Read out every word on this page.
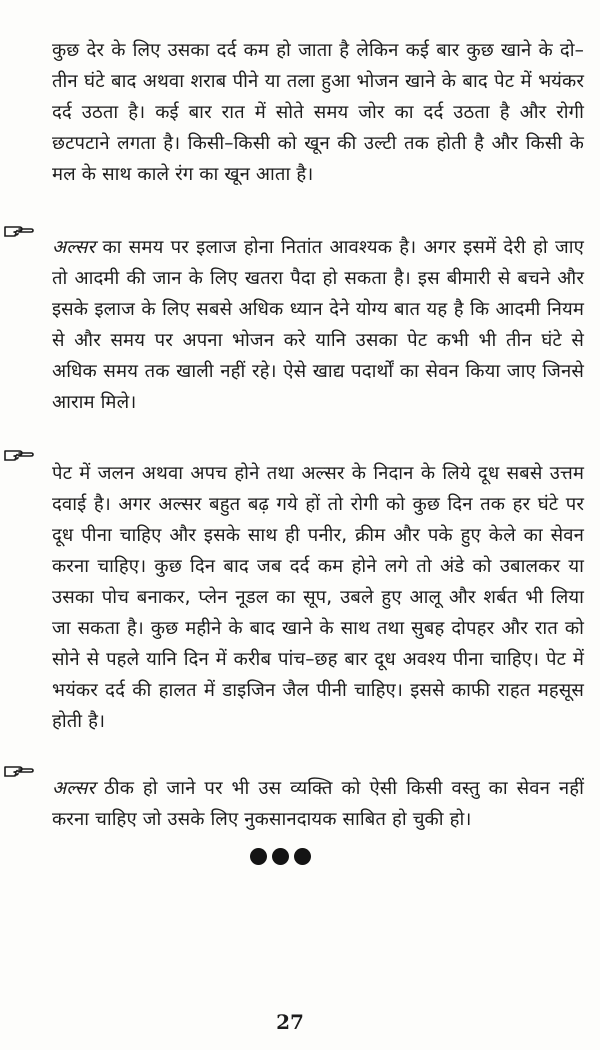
कुछ देर के लिए उसका दर्द कम हो जाता है लेकिन कई बार कुछ खाने के दो–तीन घंटे बाद अथवा शराब पीने या तला हुआ भोजन खाने के बाद पेट में भयंकर दर्द उठता है। कई बार रात में सोते समय जोर का दर्द उठता है और रोगी छटपटाने लगता है। किसी–किसी को खून की उल्टी तक होती है और किसी के मल के साथ काले रंग का खून आता है।

अल्सर का समय पर इलाज होना नितांत आवश्यक है। अगर इसमें देरी हो जाए तो आदमी की जान के लिए खतरा पैदा हो सकता है। इस बीमारी से बचने और इसके इलाज के लिए सबसे अधिक ध्यान देने योग्य बात यह है कि आदमी नियम से और समय पर अपना भोजन करे यानि उसका पेट कभी भी तीन घंटे से अधिक समय तक खाली नहीं रहे। ऐसे खाद्य पदार्थों का सेवन किया जाए जिनसे आराम मिले।

पेट में जलन अथवा अपच होने तथा अल्सर के निदान के लिये दूध सबसे उत्तम दवाई है। अगर अल्सर बहुत बढ़ गये हों तो रोगी को कुछ दिन तक हर घंटे पर दूध पीना चाहिए और इसके साथ ही पनीर, क्रीम और पके हुए केले का सेवन करना चाहिए। कुछ दिन बाद जब दर्द कम होने लगे तो अंडे को उबालकर या उसका पोच बनाकर, प्लेन नूडल का सूप, उबले हुए आलू और शर्बत भी लिया जा सकता है। कुछ महीने के बाद खाने के साथ तथा सुबह दोपहर और रात को सोने से पहले यानि दिन में करीब पांच–छह बार दूध अवश्य पीना चाहिए। पेट में भयंकर दर्द की हालत में डाइजिन जैल पीनी चाहिए। इससे काफी राहत महसूस होती है।

अल्सर ठीक हो जाने पर भी उस व्यक्ति को ऐसी किसी वस्तु का सेवन नहीं करना चाहिए जो उसके लिए नुकसानदायक साबित हो चुकी हो।

27
